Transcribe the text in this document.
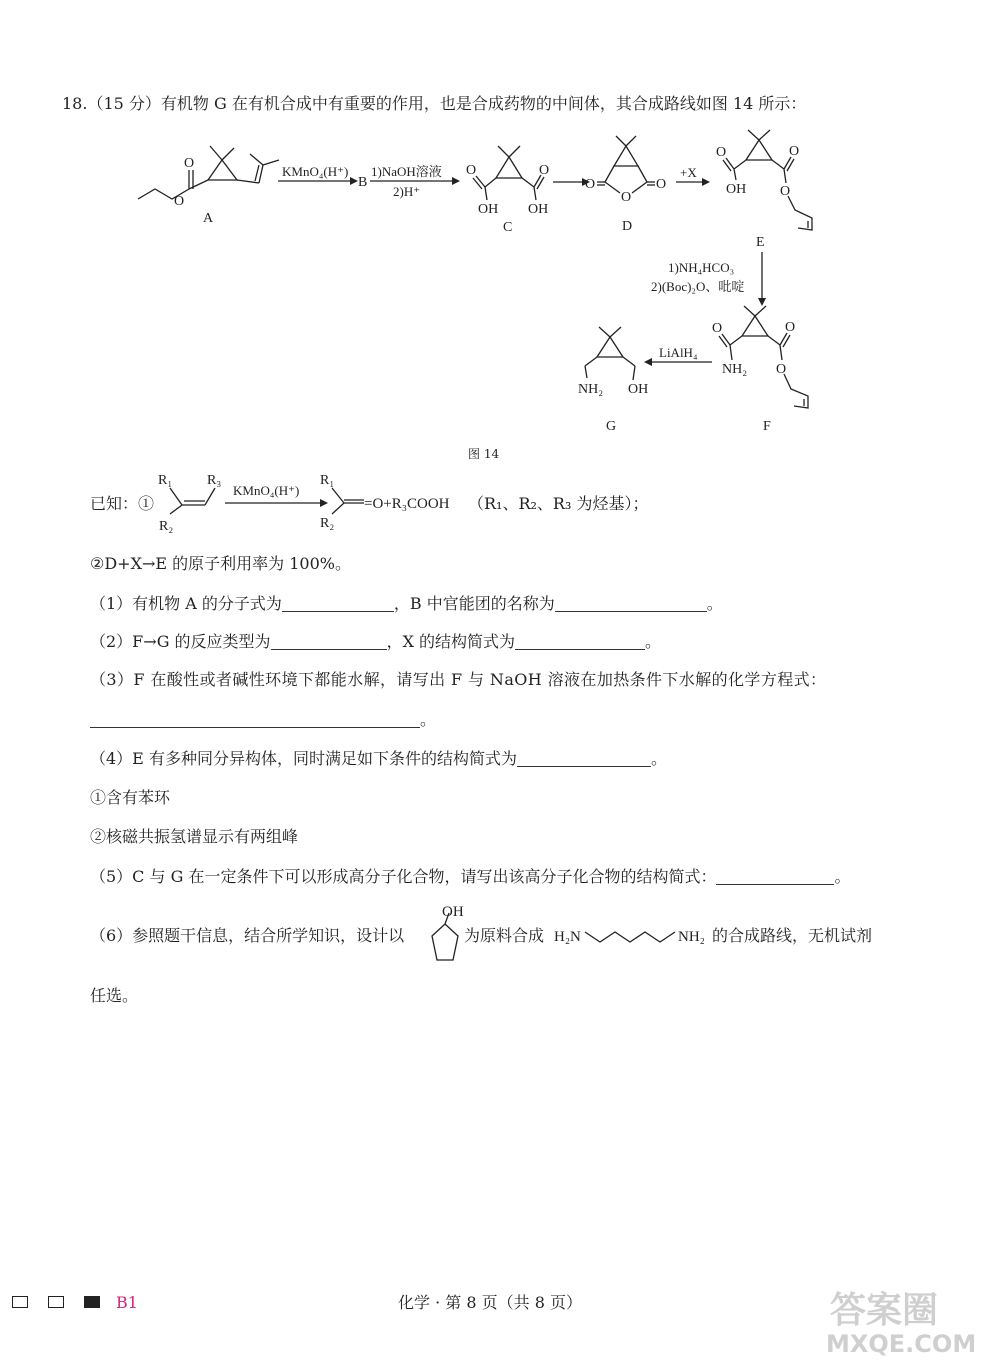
18.（15 分）有机物 G 在有机合成中有重要的作用，也是合成药物的中间体，其合成路线如图 14 所示：
O
O
A
KMnO₄(H⁺)
B
1)NaOH溶液
2)H⁺
O	O
OH OH
C
O
O
O
D
+X
O	O
OH O
E
1)NH₄HCO₃
2)(Boc)₂O、吡啶
O	O
NH₂ O
F
LiAlH₄
NH₂ OH
G
R₁ R₃
R₂
KMnO₄(H⁺)
R₁
R₂
=O+R₃COOH
OH
H₂N	NH₂
图 14
已知：①	（R₁、R₂、R₃ 为烃基）；
②D+X→E 的原子利用率为 100%。
（1）有机物 A 的分子式为	，B 中官能团的名称为	。
（2）F→G 的反应类型为	，X 的结构简式为	。
（3）F 在酸性或者碱性环境下都能水解，请写出 F 与 NaOH 溶液在加热条件下水解的化学方程式：
。
（4）E 有多种同分异构体，同时满足如下条件的结构简式为	。
①含有苯环
②核磁共振氢谱显示有两组峰
（5）C 与 G 在一定条件下可以形成高分子化合物，请写出该高分子化合物的结构简式：	。
（6）参照题干信息，结合所学知识，设计以	为原料合成	的合成路线，无机试剂
任选。
B1	化学 · 第 8 页（共 8 页）	答案圈
MXQE.COM
